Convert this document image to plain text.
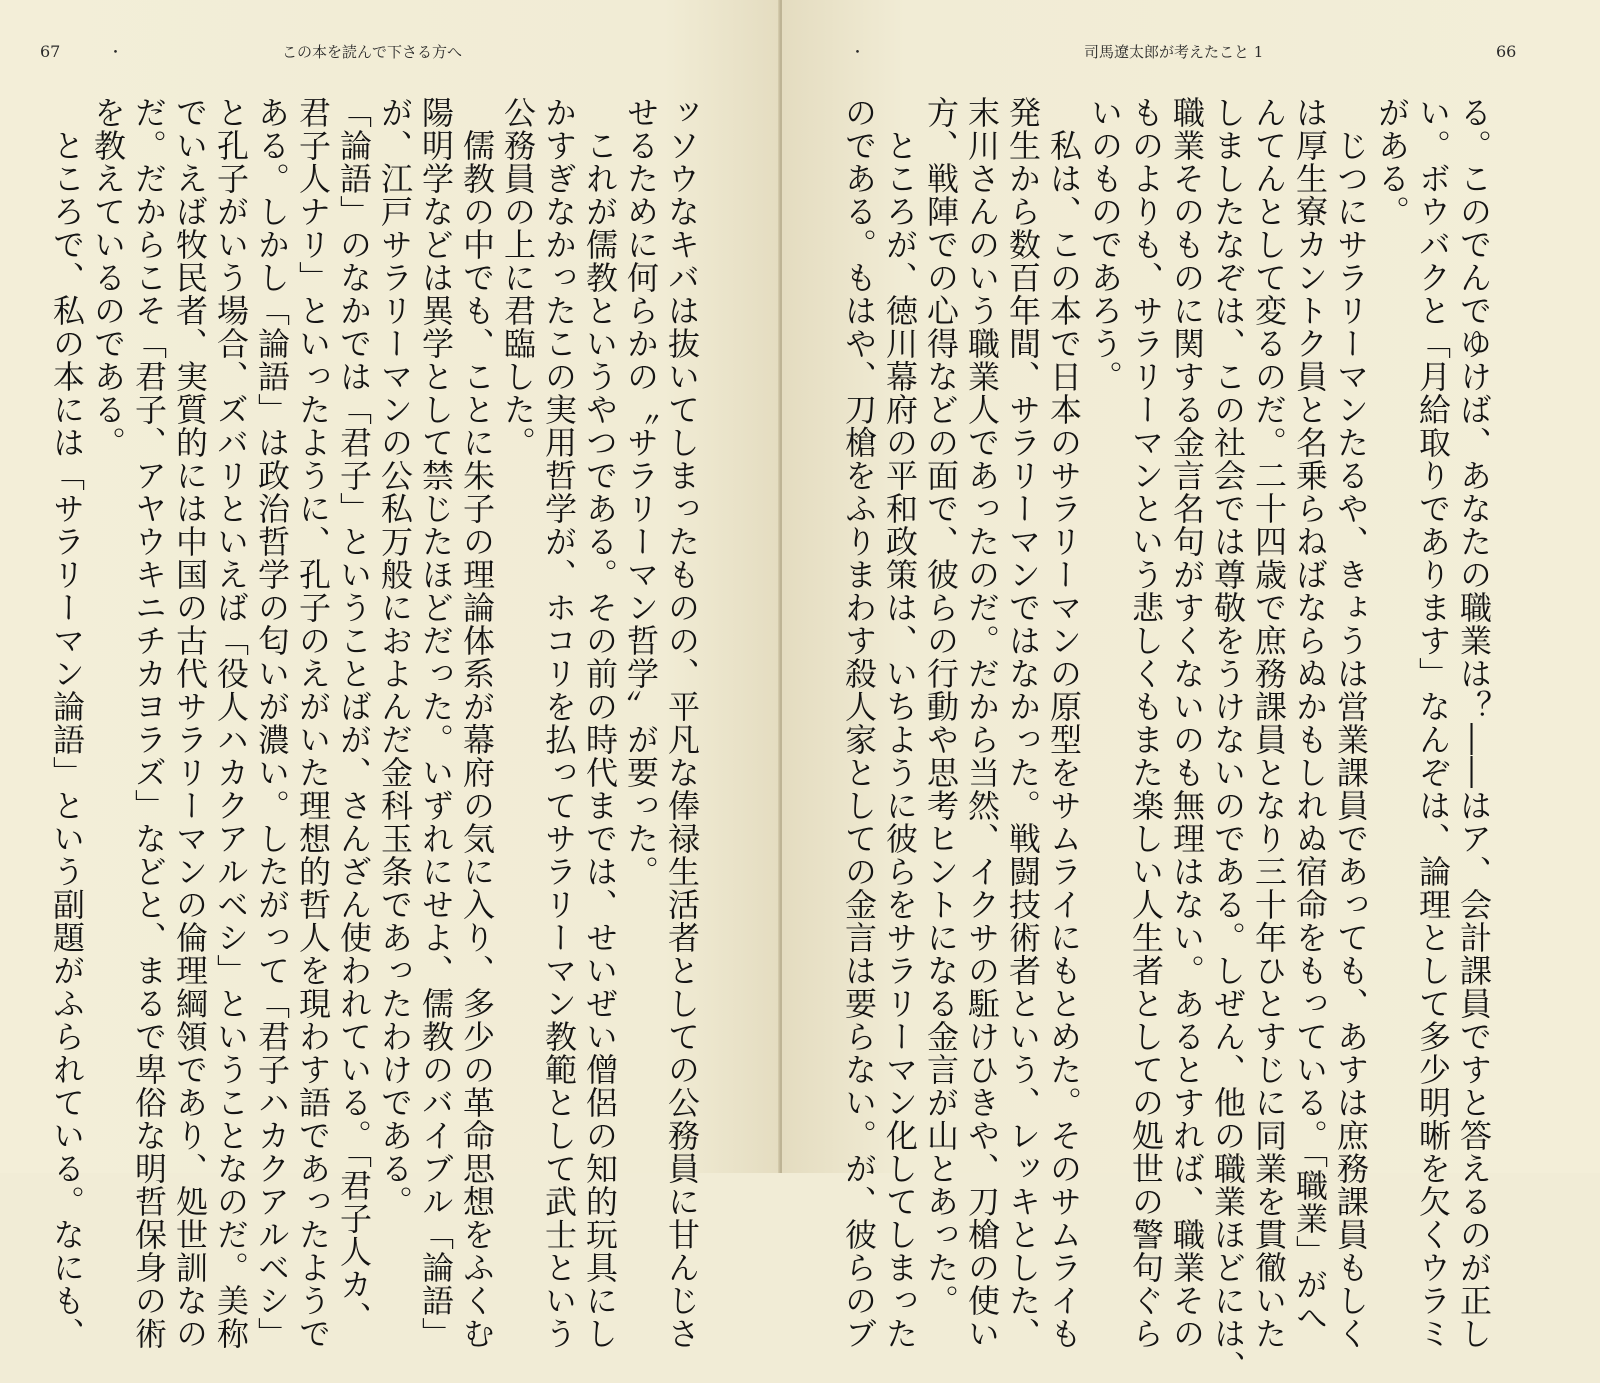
67	・	この本を読んで下さる方へ
ッソウなキバは抜いてしまったものの、平凡な俸禄生活者としての公務員に甘んじさ
せるために何らかの〝サラリーマン哲学〟が要った。
　これが儒教というやつである。その前の時代までは、せいぜい僧侶の知的玩具にし
かすぎなかったこの実用哲学が、ホコリを払ってサラリーマン教範として武士という
公務員の上に君臨した。
　儒教の中でも、ことに朱子の理論体系が幕府の気に入り、多少の革命思想をふくむ
陽明学などは異学として禁じたほどだった。いずれにせよ、儒教のバイブル「論語」
が、江戸サラリーマンの公私万般におよんだ金科玉条であったわけである。
「論語」のなかでは「君子」ということばが、さんざん使われている。「君子人カ、
君子人ナリ」といったように、孔子のえがいた理想的哲人を現わす語であったようで
ある。しかし「論語」は政治哲学の匂いが濃い。したがって「君子ハカクアルベシ」
と孔子がいう場合、ズバリといえば「役人ハカクアルベシ」ということなのだ。美称
でいえば牧民者、実質的には中国の古代サラリーマンの倫理綱領であり、処世訓なの
だ。だからこそ「君子、アヤウキニチカヨラズ」などと、まるで卑俗な明哲保身の術
を教えているのである。
　ところで、私の本には「サラリーマン論語」という副題がふられている。なにも、
・	司馬遼太郎が考えたこと 1	66
る。このでんでゆけば、あなたの職業は？――はア、会計課員ですと答えるのが正し
い。ボウバクと「月給取りであります」なんぞは、論理として多少明晰を欠くウラミ
がある。
　じつにサラリーマンたるや、きょうは営業課員であっても、あすは庶務課員もしく
は厚生寮カントク員と名乗らねばならぬかもしれぬ宿命をもっている。「職業」がへ
んてんとして変るのだ。二十四歳で庶務課員となり三十年ひとすじに同業を貫徹いた
しましたなぞは、この社会では尊敬をうけないのである。しぜん、他の職業ほどには、
職業そのものに関する金言名句がすくないのも無理はない。あるとすれば、職業その
ものよりも、サラリーマンという悲しくもまた楽しい人生者としての処世の警句ぐら
いのものであろう。
　私は、この本で日本のサラリーマンの原型をサムライにもとめた。そのサムライも
発生から数百年間、サラリーマンではなかった。戦闘技術者という、レッキとした、
末川さんのいう職業人であったのだ。だから当然、イクサの駈けひきや、刀槍の使い
方、戦陣での心得などの面で、彼らの行動や思考ヒントになる金言が山とあった。
　ところが、徳川幕府の平和政策は、いちように彼らをサラリーマン化してしまった
のである。もはや、刀槍をふりまわす殺人家としての金言は要らない。が、彼らのブ
